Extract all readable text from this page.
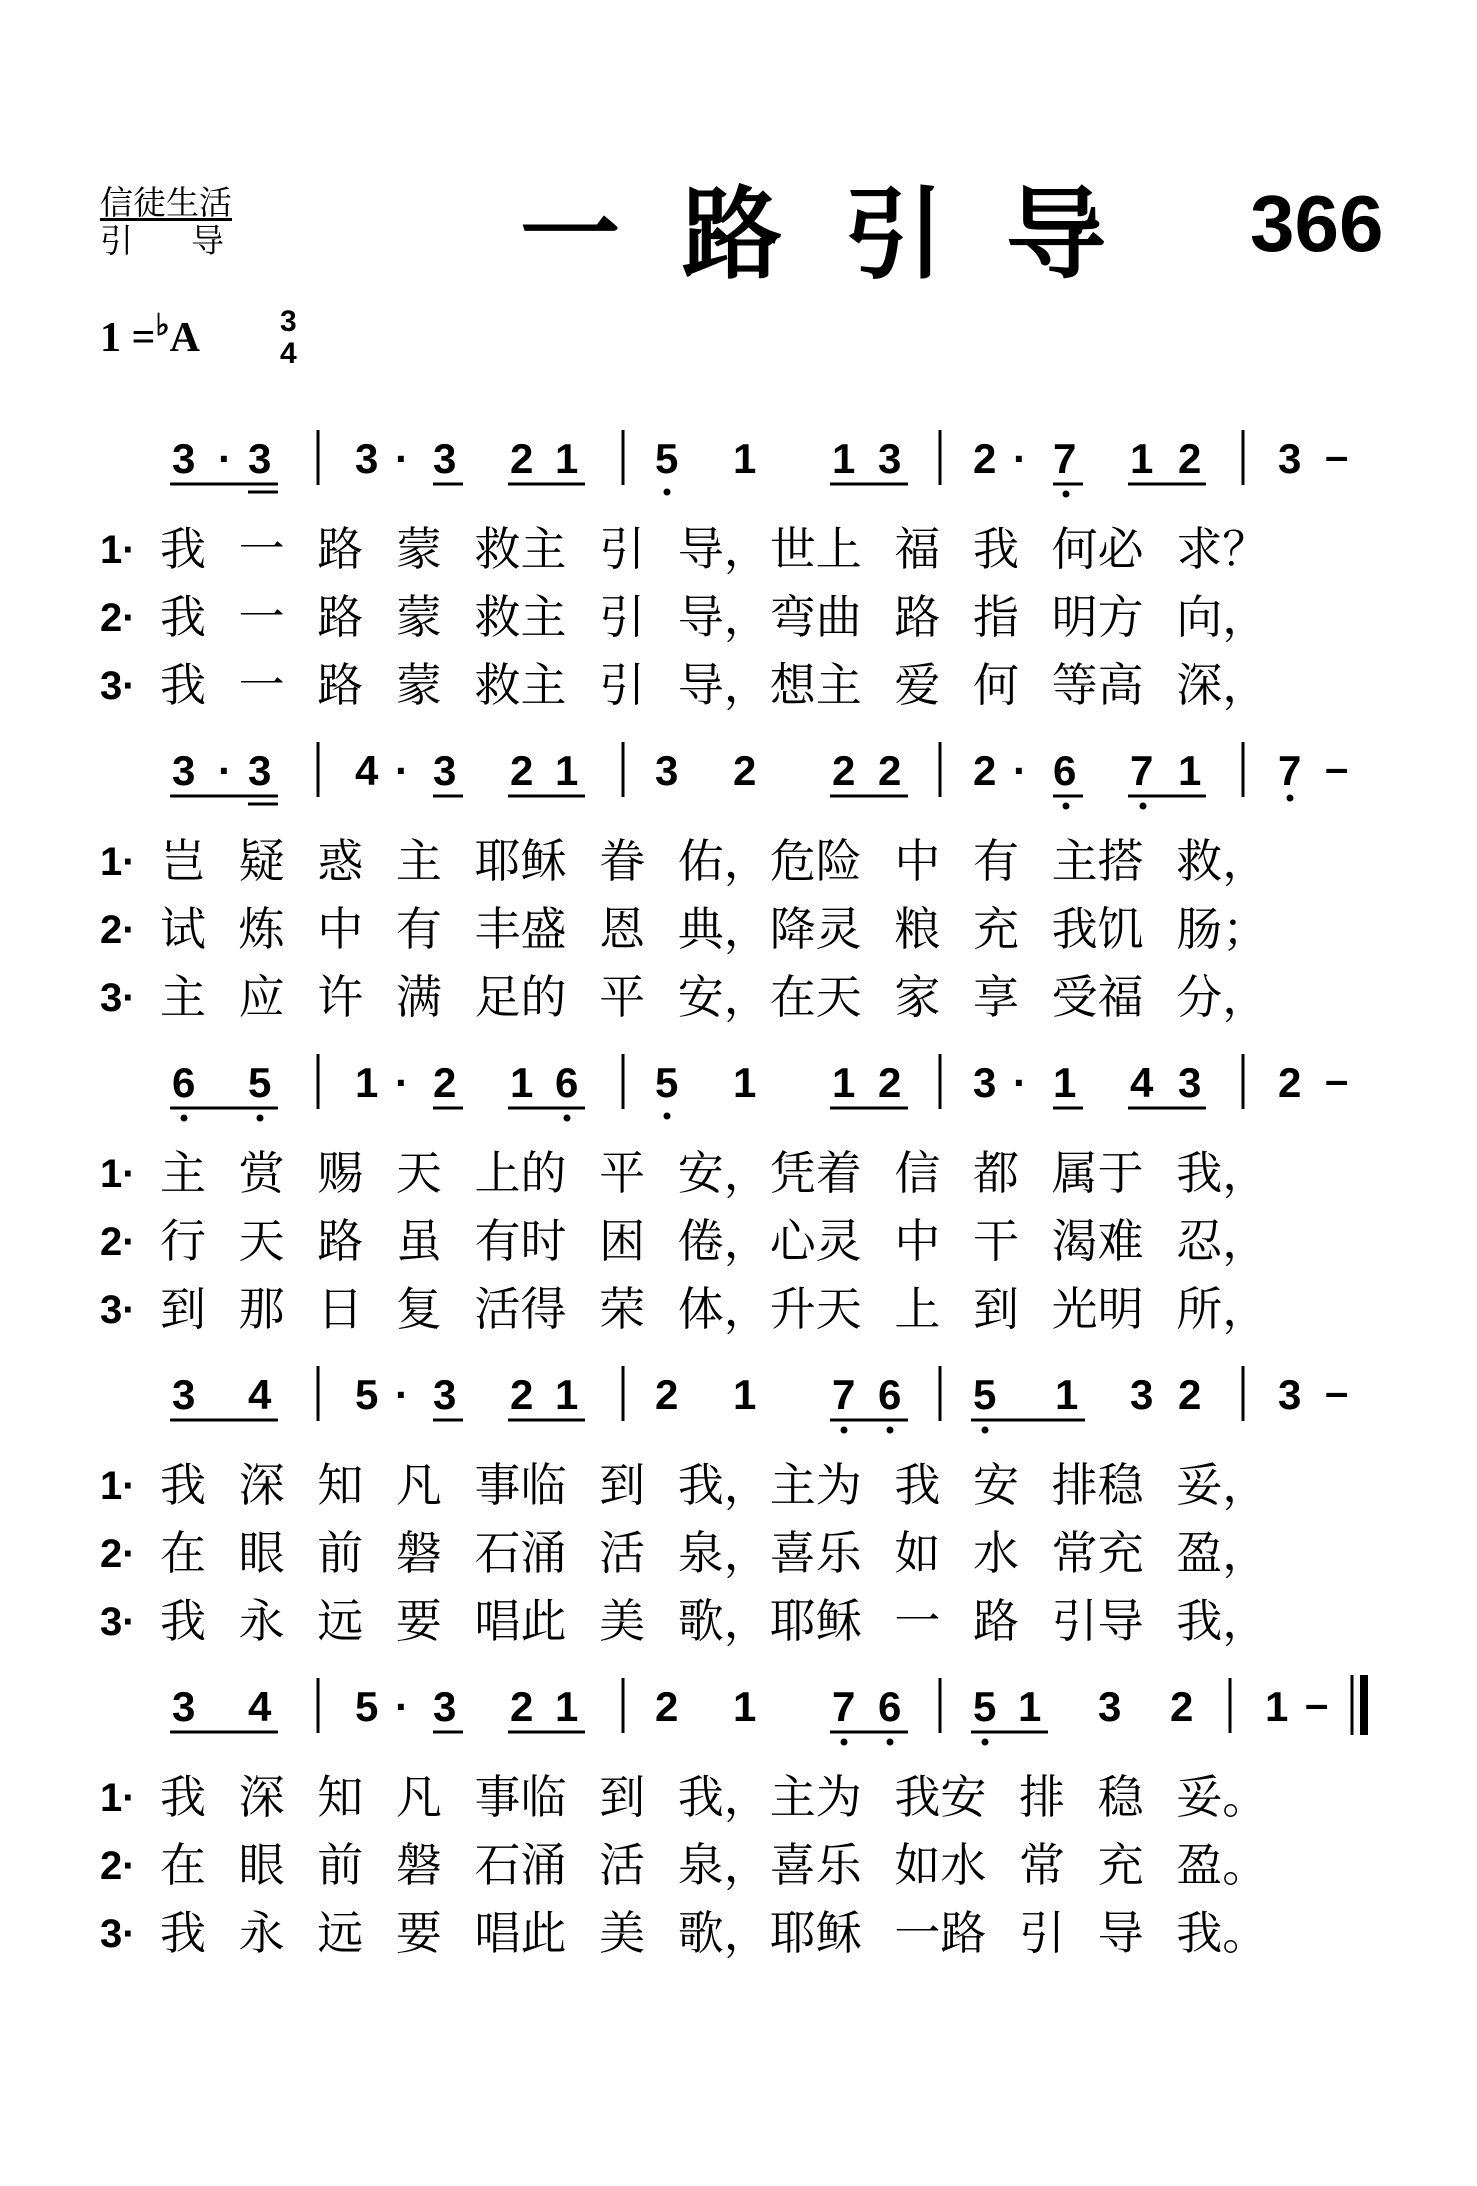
信徒生活
引导 一路引导 366
1 =♭A	3
4
3 · 3 3 · 3 2 1 5 1 1 3 2 · 7 1 2 3 –
3 · 3 4 · 3 2 1 3 2 2 2 2 · 6 7 1 7 –
6 5 1 · 2 1 6 5 1 1 2 3 · 1 4 3 2 –
3 4 5 · 3 2 1 2 1 7 6 5 1 3 2 3 –
3 4 5 · 3 2 1 2 1 7 6 5 1 3 2 1 –
1· 我 一 路 蒙 救主 引 导，世上 福 我 何必 求？
2· 我 一 路 蒙 救主 引 导，弯曲 路 指 明方 向，
3· 我 一 路 蒙 救主 引 导，想主 爱 何 等高 深，
1· 岂 疑 惑 主 耶稣 眷 佑，危险 中 有 主搭 救，
2· 试 炼 中 有 丰盛 恩 典，降灵 粮 充 我饥 肠；
3· 主 应 许 满 足的 平 安，在天 家 享 受福 分，
1· 主 赏 赐 天 上的 平 安，凭着 信 都 属于 我，
2· 行 天 路 虽 有时 困 倦，心灵 中 干 渴难 忍，
3· 到 那 日 复 活得 荣 体，升天 上 到 光明 所，
1· 我 深 知 凡 事临 到 我，主为 我 安 排稳 妥，
2· 在 眼 前 磐 石涌 活 泉，喜乐 如 水 常充 盈，
3· 我 永 远 要 唱此 美 歌，耶稣 一 路 引导 我，
1· 我 深 知 凡 事临 到 我，主为 我安 排 稳 妥。
2· 在 眼 前 磐 石涌 活 泉，喜乐 如水 常 充 盈。
3· 我 永 远 要 唱此 美 歌，耶稣 一路 引 导 我。
